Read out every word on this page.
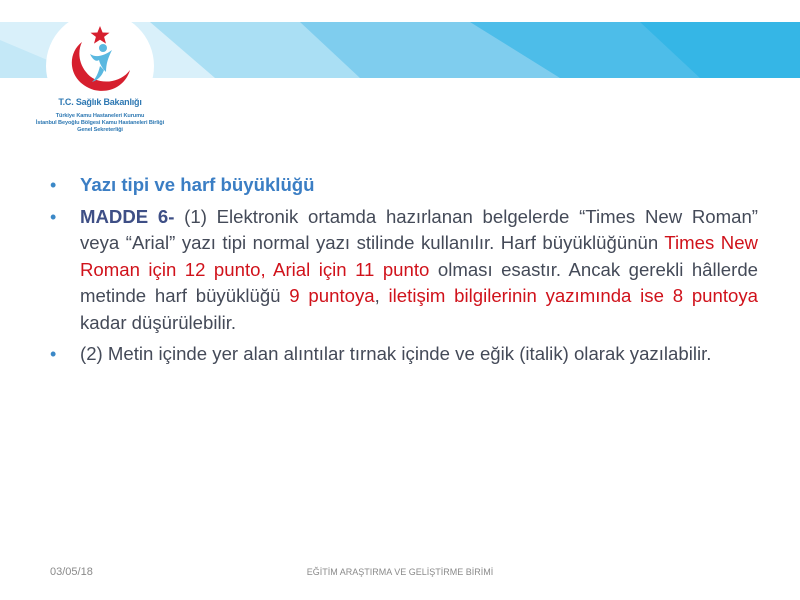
T.C. Sağlık Bakanlığı
Türkiye Kamu Hastaneleri Kurumu
İstanbul Beyoğlu Bölgesi Kamu Hastaneleri Birliği
Genel Sekreterliği
• Yazı tipi ve harf büyüklüğü
• MADDE 6- (1) Elektronik ortamda hazırlanan belgelerde “Times New Roman” veya “Arial” yazı tipi normal yazı stilinde kullanılır. Harf büyüklüğünün Times New Roman için 12 punto, Arial için 11 punto olması esastır. Ancak gerekli hâllerde metinde harf büyüklüğü 9 puntoya, iletişim bilgilerinin yazımında ise 8 puntoya kadar düşürülebilir.
• (2) Metin içinde yer alan alıntılar tırnak içinde ve eğik (italik) olarak yazılabilir.
03/05/18	EĞİTİM ARAŞTIRMA VE GELİŞTİRME BİRİMİ
